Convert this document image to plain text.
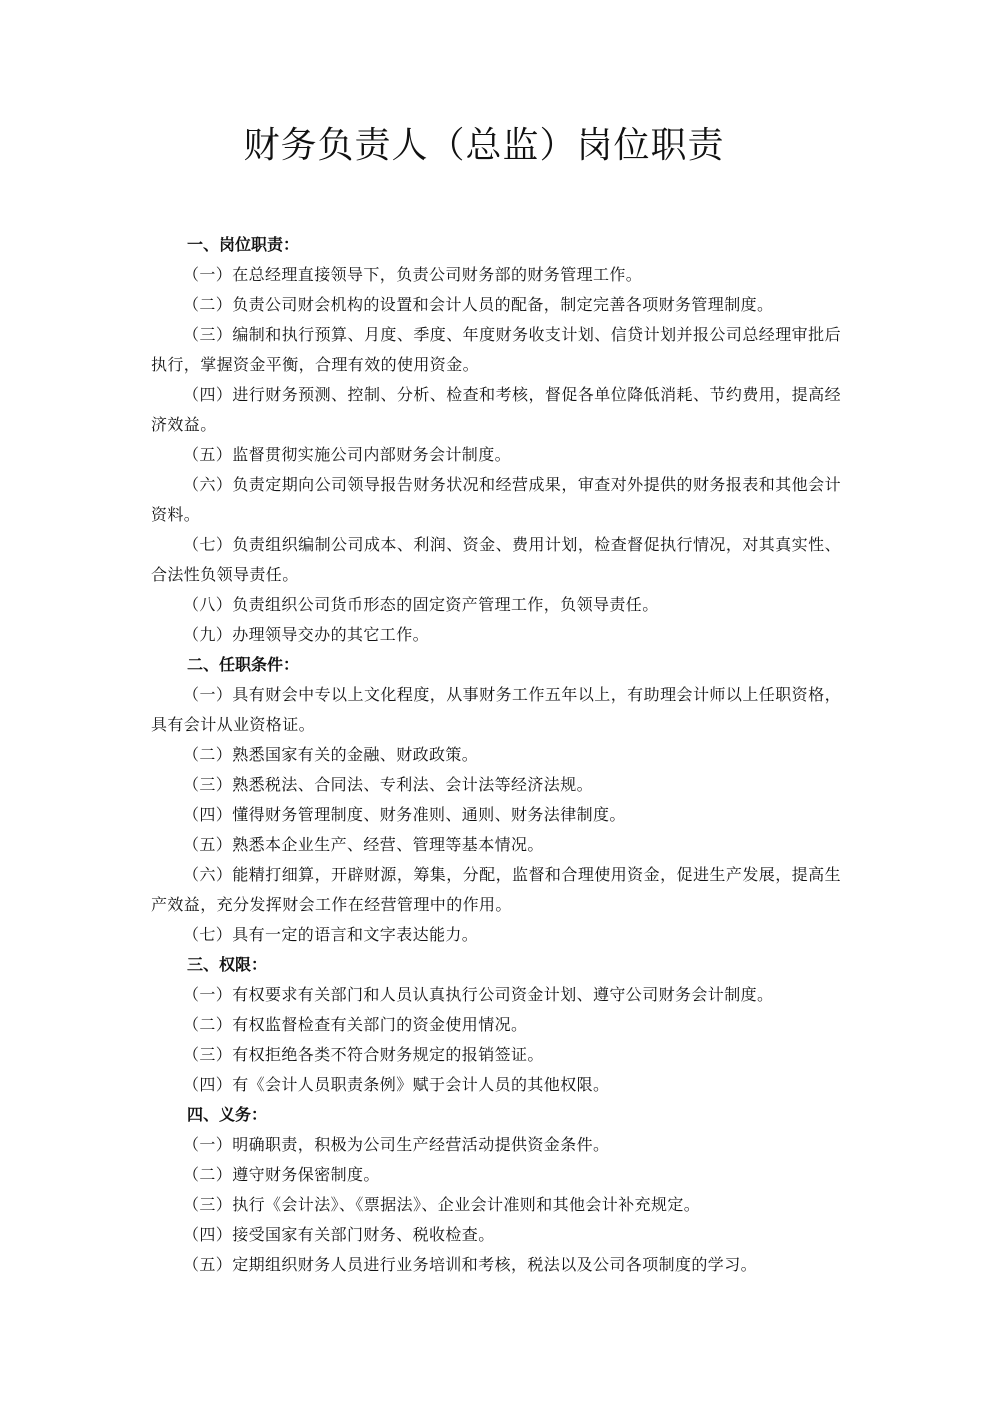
财务负责人（总监）岗位职责

一、岗位职责：

（一）在总经理直接领导下，负责公司财务部的财务管理工作。

（二）负责公司财会机构的设置和会计人员的配备，制定完善各项财务管理制度。

（三）编制和执行预算、月度、季度、年度财务收支计划、信贷计划并报公司总经理审批后执行，掌握资金平衡，合理有效的使用资金。

（四）进行财务预测、控制、分析、检查和考核，督促各单位降低消耗、节约费用，提高经济效益。

（五）监督贯彻实施公司内部财务会计制度。

（六）负责定期向公司领导报告财务状况和经营成果，审查对外提供的财务报表和其他会计资料。

（七）负责组织编制公司成本、利润、资金、费用计划，检查督促执行情况，对其真实性、合法性负领导责任。

（八）负责组织公司货币形态的固定资产管理工作，负领导责任。

（九）办理领导交办的其它工作。

二、任职条件：

（一）具有财会中专以上文化程度，从事财务工作五年以上，有助理会计师以上任职资格，具有会计从业资格证。

（二）熟悉国家有关的金融、财政政策。

（三）熟悉税法、合同法、专利法、会计法等经济法规。

（四）懂得财务管理制度、财务准则、通则、财务法律制度。

（五）熟悉本企业生产、经营、管理等基本情况。

（六）能精打细算，开辟财源，筹集，分配，监督和合理使用资金，促进生产发展，提高生产效益，充分发挥财会工作在经营管理中的作用。

（七）具有一定的语言和文字表达能力。

三、权限：

（一）有权要求有关部门和人员认真执行公司资金计划、遵守公司财务会计制度。

（二）有权监督检查有关部门的资金使用情况。

（三）有权拒绝各类不符合财务规定的报销签证。

（四）有《会计人员职责条例》赋于会计人员的其他权限。

四、义务：

（一）明确职责，积极为公司生产经营活动提供资金条件。

（二）遵守财务保密制度。

（三）执行《会计法》、《票据法》、企业会计准则和其他会计补充规定。

（四）接受国家有关部门财务、税收检查。

（五）定期组织财务人员进行业务培训和考核，税法以及公司各项制度的学习。
